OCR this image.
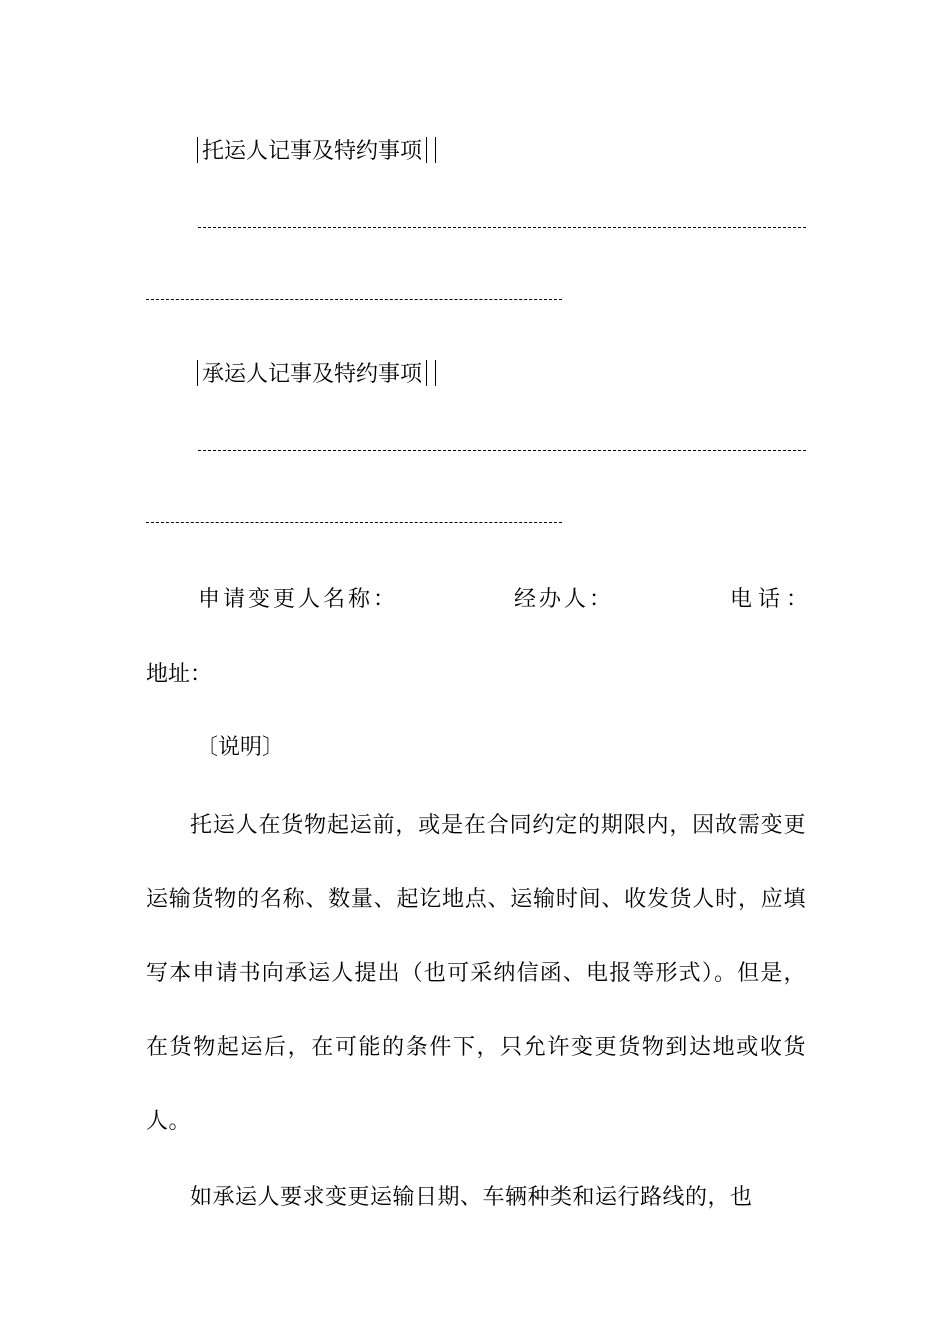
托运人记事及特约事项
承运人记事及特约事项
申请变更人名称：	经办人：	电话：
地址：
〔说明〕
托运人在货物起运前，或是在合同约定的期限内，因故需变更运输货物的名称、数量、起讫地点、运输时间、收发货人时，应填写本申请书向承运人提出（也可采纳信函、电报等形式）。但是，在货物起运后，在可能的条件下，只允许变更货物到达地或收货人。
如承运人要求变更运输日期、车辆种类和运行路线的，也
